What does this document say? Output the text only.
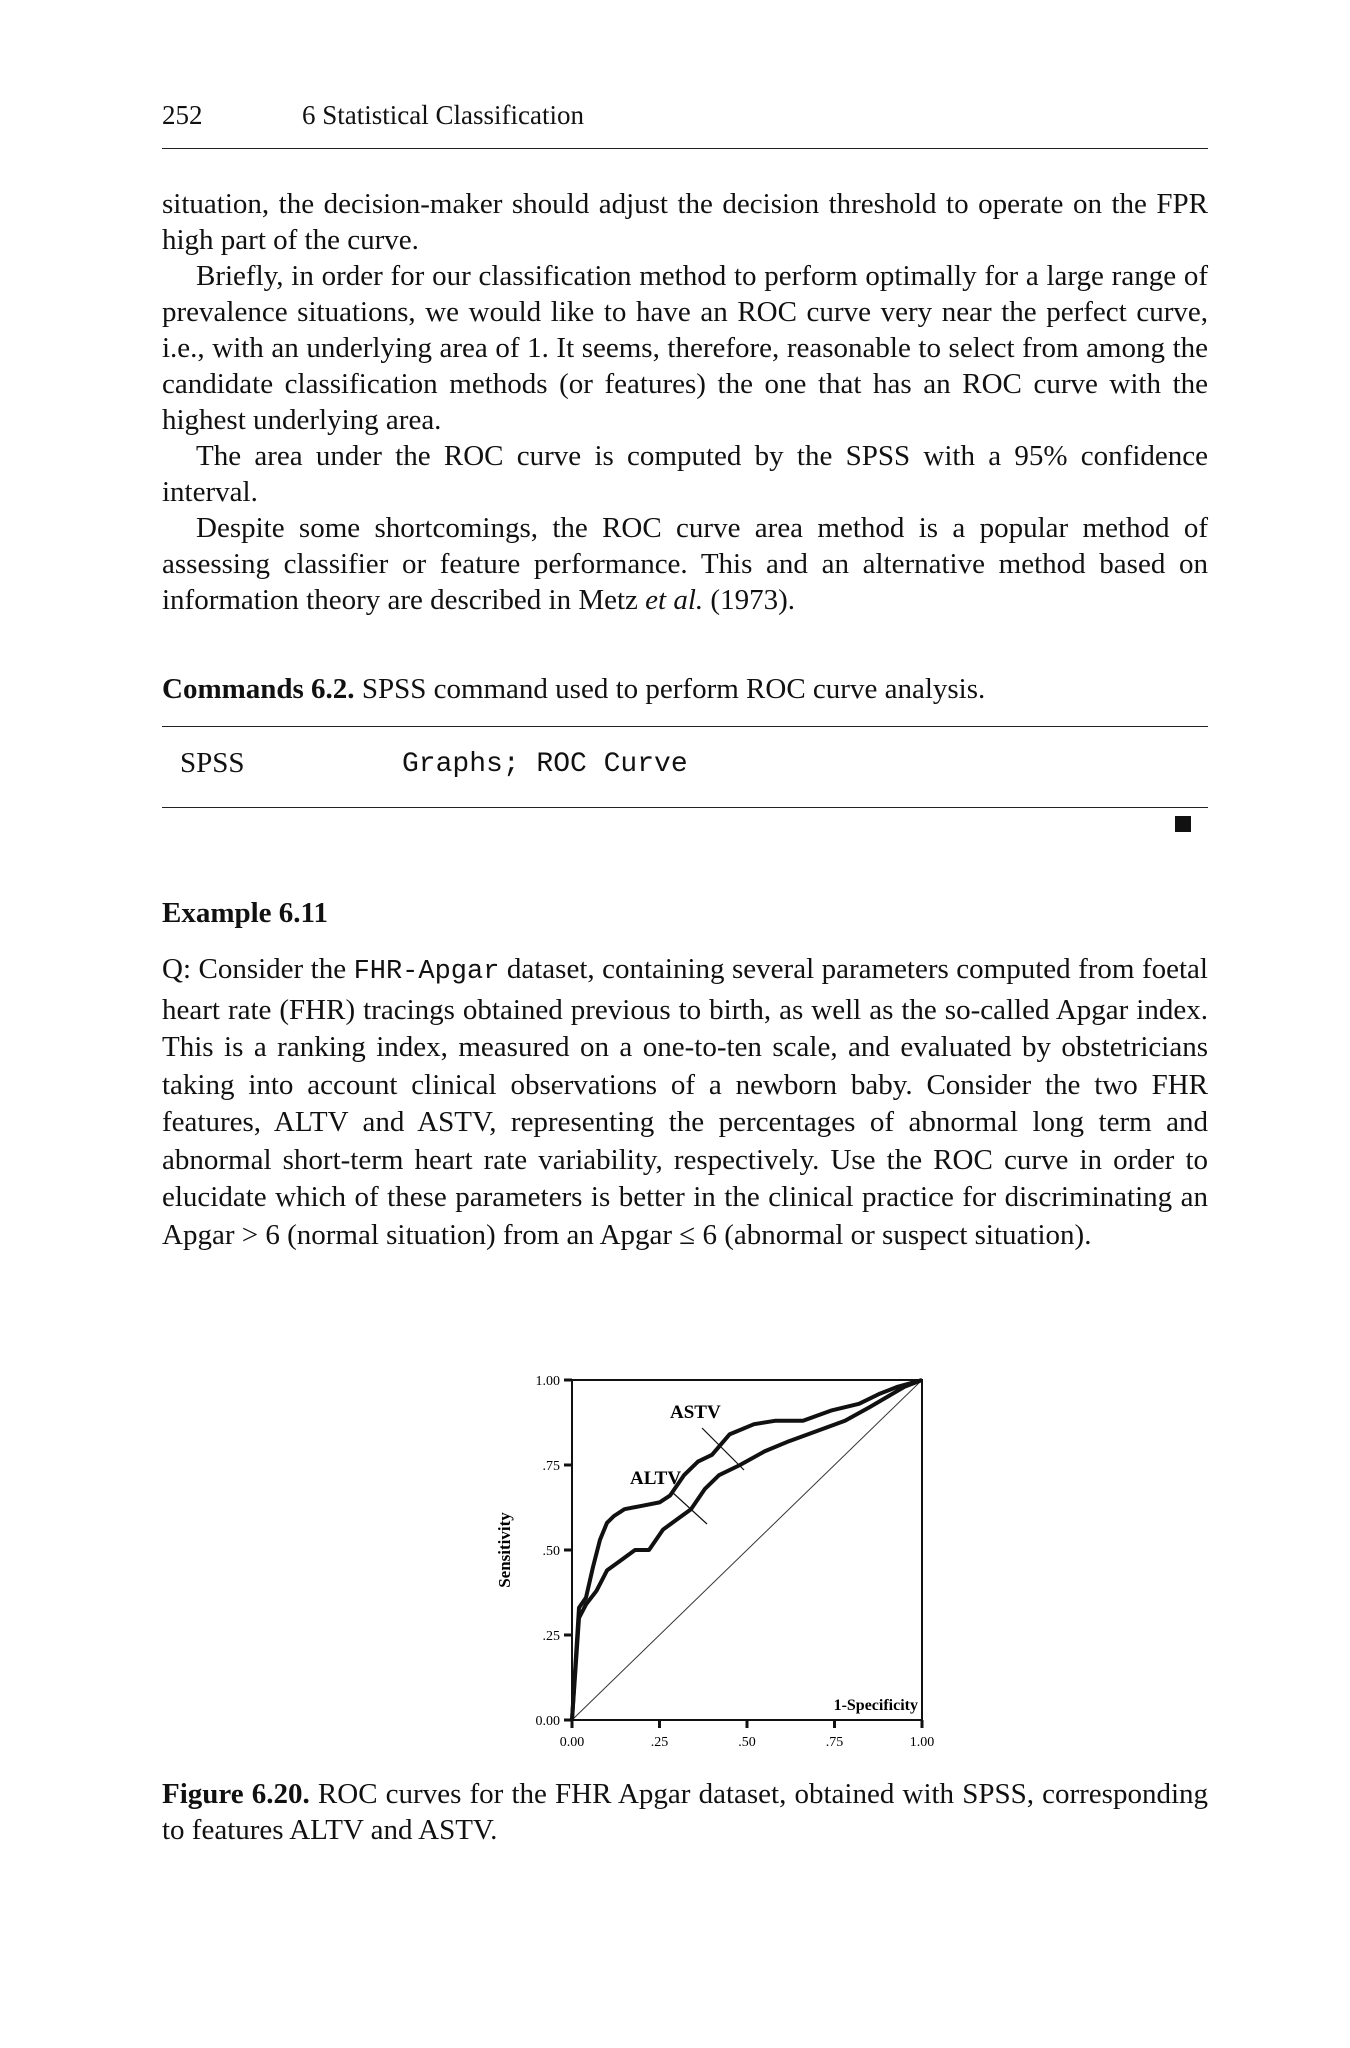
252	6 Statistical Classification

situation, the decision-maker should adjust the decision threshold to operate on the FPR high part of the curve.

Briefly, in order for our classification method to perform optimally for a large range of prevalence situations, we would like to have an ROC curve very near the perfect curve, i.e., with an underlying area of 1. It seems, therefore, reasonable to select from among the candidate classification methods (or features) the one that has an ROC curve with the highest underlying area.

The area under the ROC curve is computed by the SPSS with a 95% confidence interval.

Despite some shortcomings, the ROC curve area method is a popular method of assessing classifier or feature performance. This and an alternative method based on information theory are described in Metz et al. (1973).

Commands 6.2. SPSS command used to perform ROC curve analysis.
SPSS	Graphs; ROC Curve
Example 6.11

Q: Consider the FHR-Apgar dataset, containing several parameters computed from foetal heart rate (FHR) tracings obtained previous to birth, as well as the so-called Apgar index. This is a ranking index, measured on a one-to-ten scale, and evaluated by obstetricians taking into account clinical observations of a newborn baby. Consider the two FHR features, ALTV and ASTV, representing the percentages of abnormal long term and abnormal short-term heart rate variability, respectively. Use the ROC curve in order to elucidate which of these parameters is better in the clinical practice for discriminating an Apgar > 6 (normal situation) from an Apgar ≤ 6 (abnormal or suspect situation).

0.00	.25	.50	.75	1.00
0.00
.25
.50
.75
1.00
Sensitivity
1-Specificity
ASTV
ALTV
Figure 6.20. ROC curves for the FHR Apgar dataset, obtained with SPSS, corresponding to features ALTV and ASTV.
